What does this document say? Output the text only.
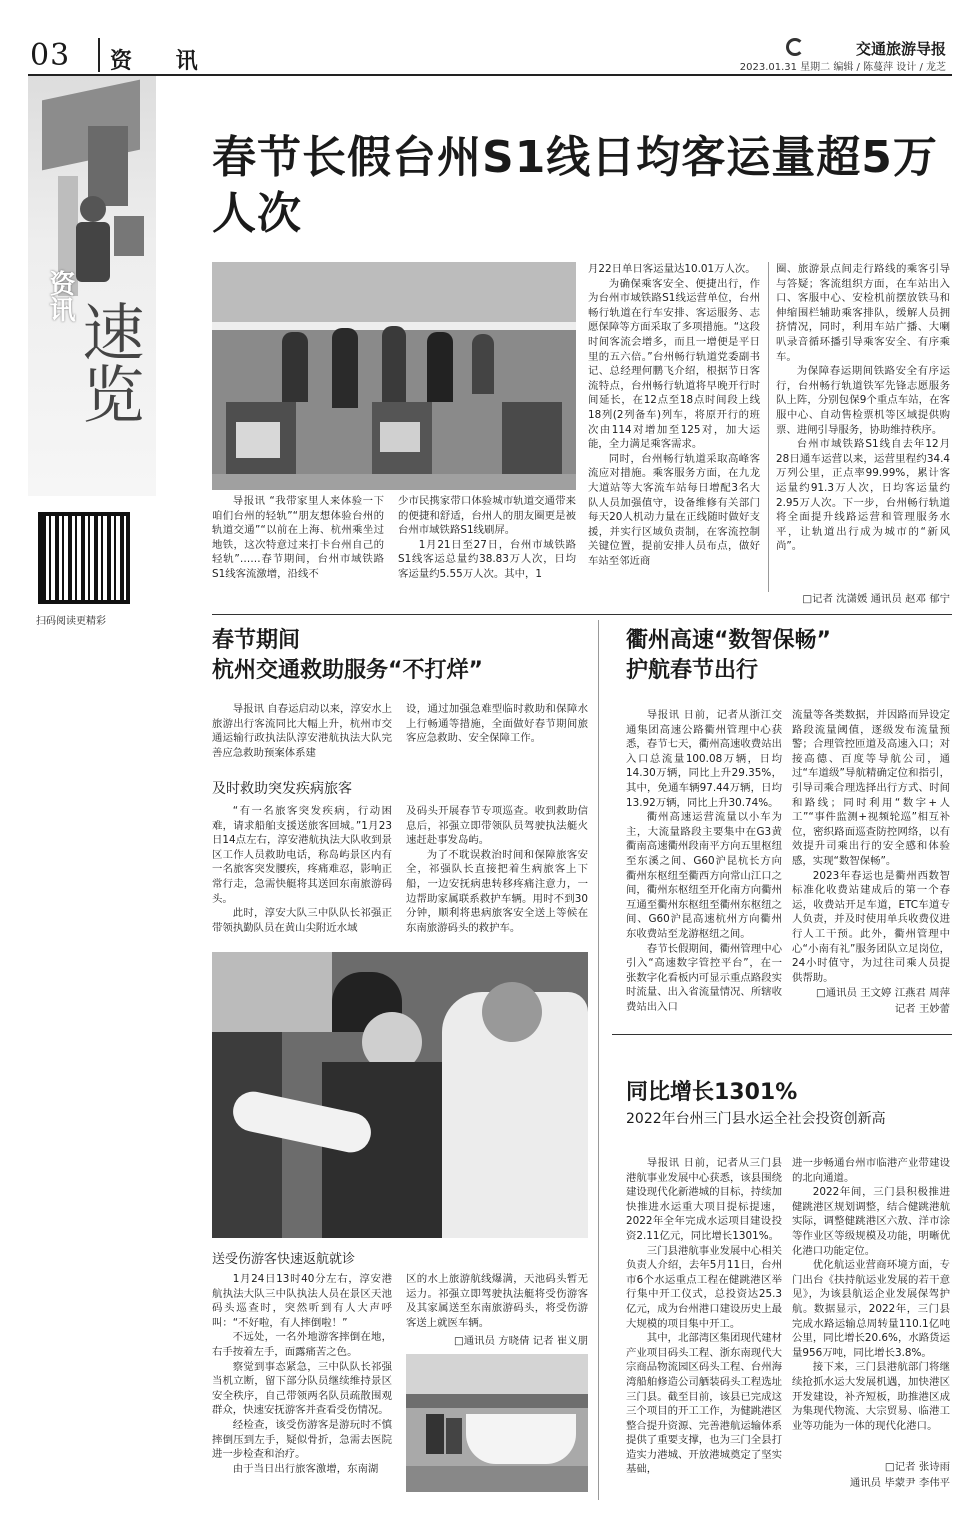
03 资 讯	交通旅游导报
2023.01.31 星期二 编辑 / 陈蔓萍 设计 / 龙芝
资讯
速览
扫码阅读更精彩
春节长假台州S1线日均客运量超5万人次

导报讯 “我带家里人来体验一下咱们台州的轻轨”“朋友想体验台州的轨道交通”“以前在上海、杭州乘坐过地铁，这次特意过来打卡台州自己的轻轨”……春节期间，台州市域铁路S1线客流激增，沿线不

少市民携家带口体验城市轨道交通带来的便捷和舒适，台州人的朋友圈更是被台州市域铁路S1线刷屏。

1月21日至27日，台州市域铁路S1线客运总量约38.83万人次，日均客运量约5.55万人次。其中，1

月22日单日客运量达10.01万人次。

为确保乘客安全、便捷出行，作为台州市域铁路S1线运营单位，台州畅行轨道在行车安排、客运服务、志愿保障等方面采取了多项措施。“这段时间客流会增多，而且一增便是平日里的五六倍。”台州畅行轨道党委副书记、总经理何鹏飞介绍，根据节日客流特点，台州畅行轨道将早晚开行时间延长，在12点至18点时间段上线18列(2列备车)列车，将原开行的班次由114对增加至125对，加大运能，全力满足乘客需求。

同时，台州畅行轨道采取高峰客流应对措施。乘客服务方面，在九龙大道站等大客流车站每日增配3名大队人员加强值守，设备维修有关部门每天20人机动力量在正线随时做好支援，并实行区域负责制，在客流控制关键位置，提前安排人员布点，做好车站至邻近商

圈、旅游景点间走行路线的乘客引导与答疑；客流组织方面，在车站出入口、客服中心、安检机前摆放铁马和伸缩围栏辅助乘客排队，缓解人员拥挤情况，同时，利用车站广播、大喇叭录音循环播引导乘客安全、有序乘车。

为保障春运期间铁路安全有序运行，台州畅行轨道铁军先锋志愿服务队上阵，分别包保9个重点车站，在客服中心、自动售检票机等区域提供购票、进闸引导服务，协助维持秩序。

台州市域铁路S1线自去年12月28日通车运营以来，运营里程约34.4万列公里，正点率99.99%，累计客运量约91.3万人次，日均客运量约2.95万人次。下一步，台州畅行轨道将全面提升线路运营和管理服务水平，让轨道出行成为城市的“新风尚”。

□记者 沈潇媛 通讯员 赵邓 郁宁
春节期间
杭州交通救助服务“不打烊”

导报讯 自春运启动以来，淳安水上旅游出行客流同比大幅上升，杭州市交通运输行政执法队淳安港航执法大队完善应急救助预案体系建

设，通过加强急难型临时救助和保障水上行畅通等措施，全面做好春节期间旅客应急救助、安全保障工作。

及时救助突发疾病旅客

“有一名旅客突发疾病，行动困难，请求船舶支援送旅客回城。”1月23日14点左右，淳安港航执法大队收到景区工作人员救助电话，称岛屿景区内有一名旅客突发腰疾，疼痛难忍，影响正常行走，急需快艇将其送回东南旅游码头。

此时，淳安大队三中队队长祁强正带领执勤队员在黄山尖附近水域

及码头开展春节专项巡查。收到救助信息后，祁强立即带领队员驾驶执法艇火速赶赴事发岛屿。

为了不耽误救治时间和保障旅客安全，祁强队长直接把着生病旅客上下船，一边安抚病患转移疼痛注意力，一边帮助家属联系救护车辆。用时不到30分钟，顺利将患病旅客安全送上等候在东南旅游码头的救护车。

送受伤游客快速返航就诊

1月24日13时40分左右，淳安港航执法大队三中队执法人员在景区天池码头巡查时，突然听到有人大声呼叫：“不好啦，有人摔倒啦！”

不远处，一名外地游客摔倒在地，右手按着左手，面露痛苦之色。

察觉到事态紧急，三中队队长祁强当机立断，留下部分队员继续维持景区安全秩序，自己带领两名队员疏散围观群众，快速安抚游客并查看受伤情况。

经检查，该受伤游客是游玩时不慎摔倒压到左手，疑似骨折，急需去医院进一步检查和治疗。

由于当日出行旅客激增，东南湖

区的水上旅游航线爆满，天池码头暂无运力。祁强立即驾驶执法艇将受伤游客及其家属送至东南旅游码头，将受伤游客送上就医车辆。

□通讯员 方晓倩 记者 崔义朋
衢州高速“数智保畅”
护航春节出行

导报讯 日前，记者从浙江交通集团高速公路衢州管理中心获悉，春节七天，衢州高速收费站出入口总流量100.08万辆，日均14.30万辆，同比上升29.35%，其中，免通车辆97.44万辆，日均13.92万辆，同比上升30.74%。

衢州高速运营流量以小车为主，大流量路段主要集中在G3黄衢南高速衢州段南平方向五里枢纽至东溪之间、G60沪昆杭长方向衢州东枢纽至衢西方向常山江口之间，衢州东枢纽至开化南方向衢州互通至衢州东枢纽至衢州东枢纽之间、G60沪昆高速杭州方向衢州东收费站至龙游枢纽之间。

春节长假期间，衢州管理中心引入“高速数字管控平台”，在一张数字化看板内可显示重点路段实时流量、出入省流量情况、所辖收费站出入口

流量等各类数据，并因路而异设定路段流量阈值，逐级发布流量预警；合理管控匝道及高速入口；对接高德、百度等导航公司，通过“车道级”导航精确定位和指引，引导司乘合理选择出行方式、时间和路线；同时利用“数字+人工”“事件监测+视频轮巡”相互补位，密织路面巡查防控网络，以有效提升司乘出行的安全感和体验感，实现“数智保畅”。

2023年春运也是衢州西数智标准化收费站建成后的第一个春运，收费站开足车道，ETC车道专人负责，并及时使用单兵收费仪进行人工干预。此外，衢州管理中心“小南有礼”服务团队立足岗位，24小时值守，为过往司乘人员提供帮助。

□通讯员 王文婷 江燕君 周萍
记者 王妙蕾
同比增长1301%
2022年台州三门县水运全社会投资创新高

导报讯 日前，记者从三门县港航事业发展中心获悉，该县围绕建设现代化新港城的目标，持续加快推进水运重大项目提标提速，2022年全年完成水运项目建设投资2.11亿元，同比增长1301%。

三门县港航事业发展中心相关负责人介绍，去年5月11日，台州市6个水运重点工程在健跳港区举行集中开工仪式，总投资达25.3亿元，成为台州港口建设历史上最大规模的项目集中开工。

其中，北部湾区集团现代建材产业项目码头工程、浙东南现代大宗商品物流园区码头工程、台州海湾船舶修造公司舾装码头工程选址三门县。截至目前，该县已完成这三个项目的开工工作，为健跳港区整合提升资源、完善港航运输体系提供了重要支撑，也为三门全县打造实力港城、开放港城奠定了坚实基础，

进一步畅通台州市临港产业带建设的北向通道。

2022年间，三门县积极推进健跳港区规划调整，结合健跳港航实际，调整健跳港区六敖、洋市涂等作业区等级规模及功能，明晰优化港口功能定位。

优化航运业营商环境方面，专门出台《扶持航运业发展的若干意见》，为该县航运企业发展保驾护航。数据显示，2022年，三门县完成水路运输总周转量110.1亿吨公里，同比增长20.6%，水路货运量956万吨，同比增长3.8%。

接下来，三门县港航部门将继续抢抓水运大发展机遇，加快港区开发建设，补齐短板，助推港区成为集现代物流、大宗贸易、临港工业等功能为一体的现代化港口。

□记者 张诗雨
通讯员 毕蒙尹 李伟平
